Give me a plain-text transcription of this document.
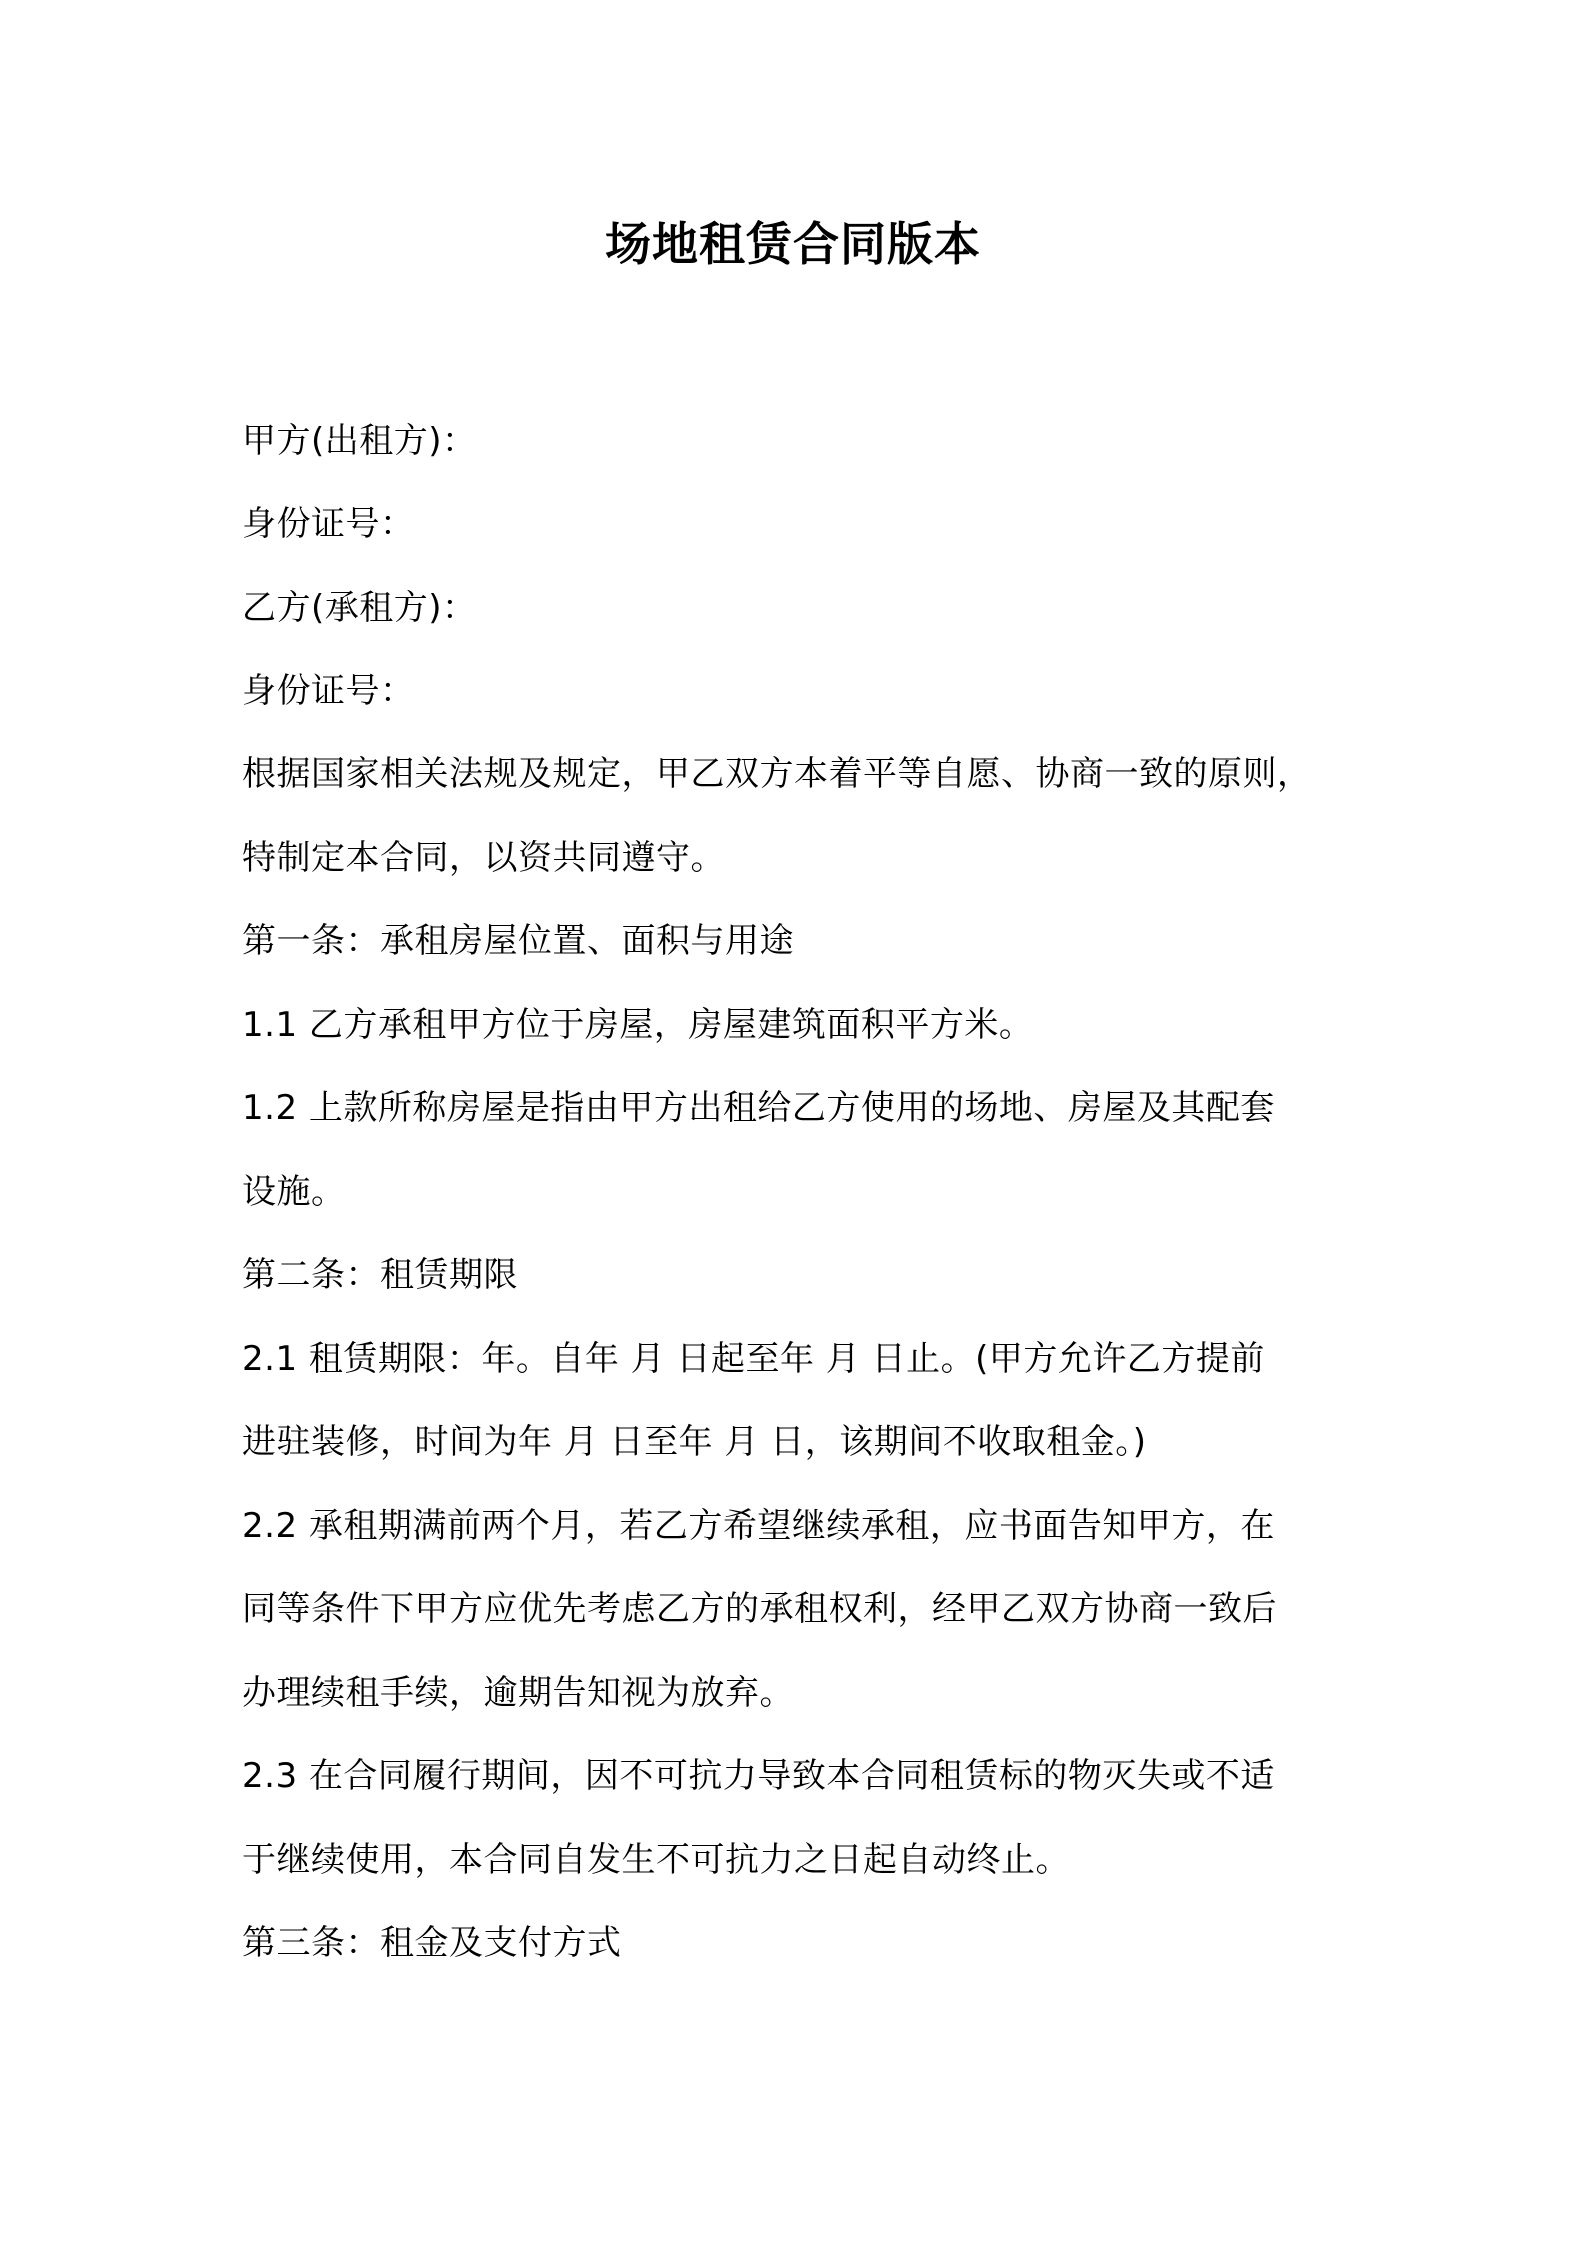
场地租赁合同版本
甲方(出租方)：
身份证号：
乙方(承租方)：
身份证号：
根据国家相关法规及规定，甲乙双方本着平等自愿、协商一致的原则，
特制定本合同，以资共同遵守。
第一条：承租房屋位置、面积与用途
1.1 乙方承租甲方位于房屋，房屋建筑面积平方米。
1.2 上款所称房屋是指由甲方出租给乙方使用的场地、房屋及其配套
设施。
第二条：租赁期限
2.1 租赁期限：年。自年 月 日起至年 月 日止。(甲方允许乙方提前
进驻装修，时间为年 月 日至年 月 日，该期间不收取租金。)
2.2 承租期满前两个月，若乙方希望继续承租，应书面告知甲方，在
同等条件下甲方应优先考虑乙方的承租权利，经甲乙双方协商一致后
办理续租手续，逾期告知视为放弃。
2.3 在合同履行期间，因不可抗力导致本合同租赁标的物灭失或不适
于继续使用，本合同自发生不可抗力之日起自动终止。
第三条：租金及支付方式
